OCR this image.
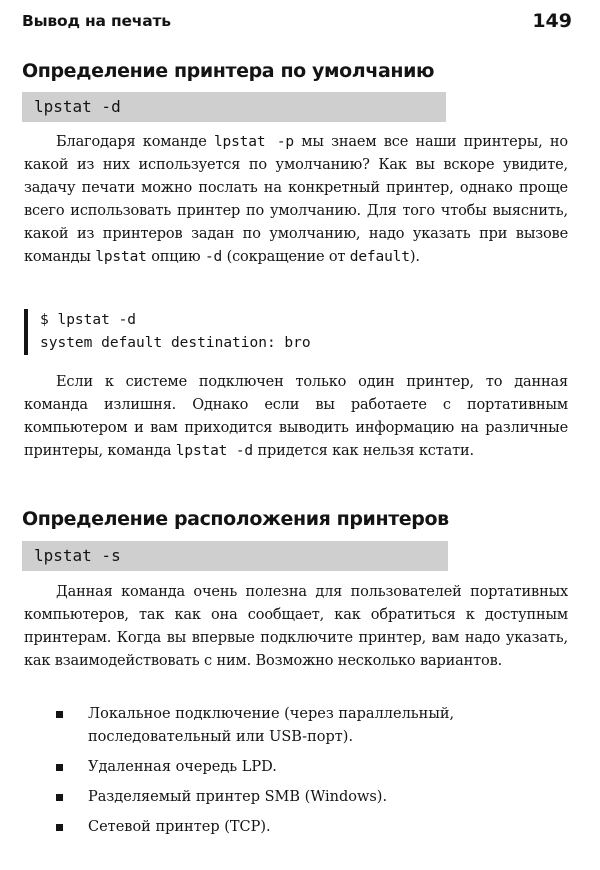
Вывод на печать	149
Определение принтера по умолчанию
lpstat -d

Благодаря команде lpstat -p мы знаем все наши принтеры, но какой из них используется по умолчанию? Как вы вскоре увидите, задачу печати можно послать на конкретный принтер, однако проще всего использовать принтер по умолчанию. Для того чтобы выяснить, какой из принтеров задан по умолчанию, надо указать при вызове команды lpstat опцию -d (сокращение от default).

$ lpstat -d
system default destination: bro

Если к системе подключен только один принтер, то данная команда излишня. Однако если вы работаете с портативным компьютером и вам приходится выводить информацию на различные принтеры, команда lpstat -d придется как нельзя кстати.

Определение расположения принтеров
lpstat -s

Данная команда очень полезна для пользователей портативных компьютеров, так как она сообщает, как обратиться к доступным принтерам. Когда вы впервые подключите принтер, вам надо указать, как взаимодействовать с ним. Возможно несколько вариантов.

Локальное подключение (через параллельный, последовательный или USB-порт).
Удаленная очередь LPD.
Разделяемый принтер SMB (Windows).
Сетевой принтер (TCP).
